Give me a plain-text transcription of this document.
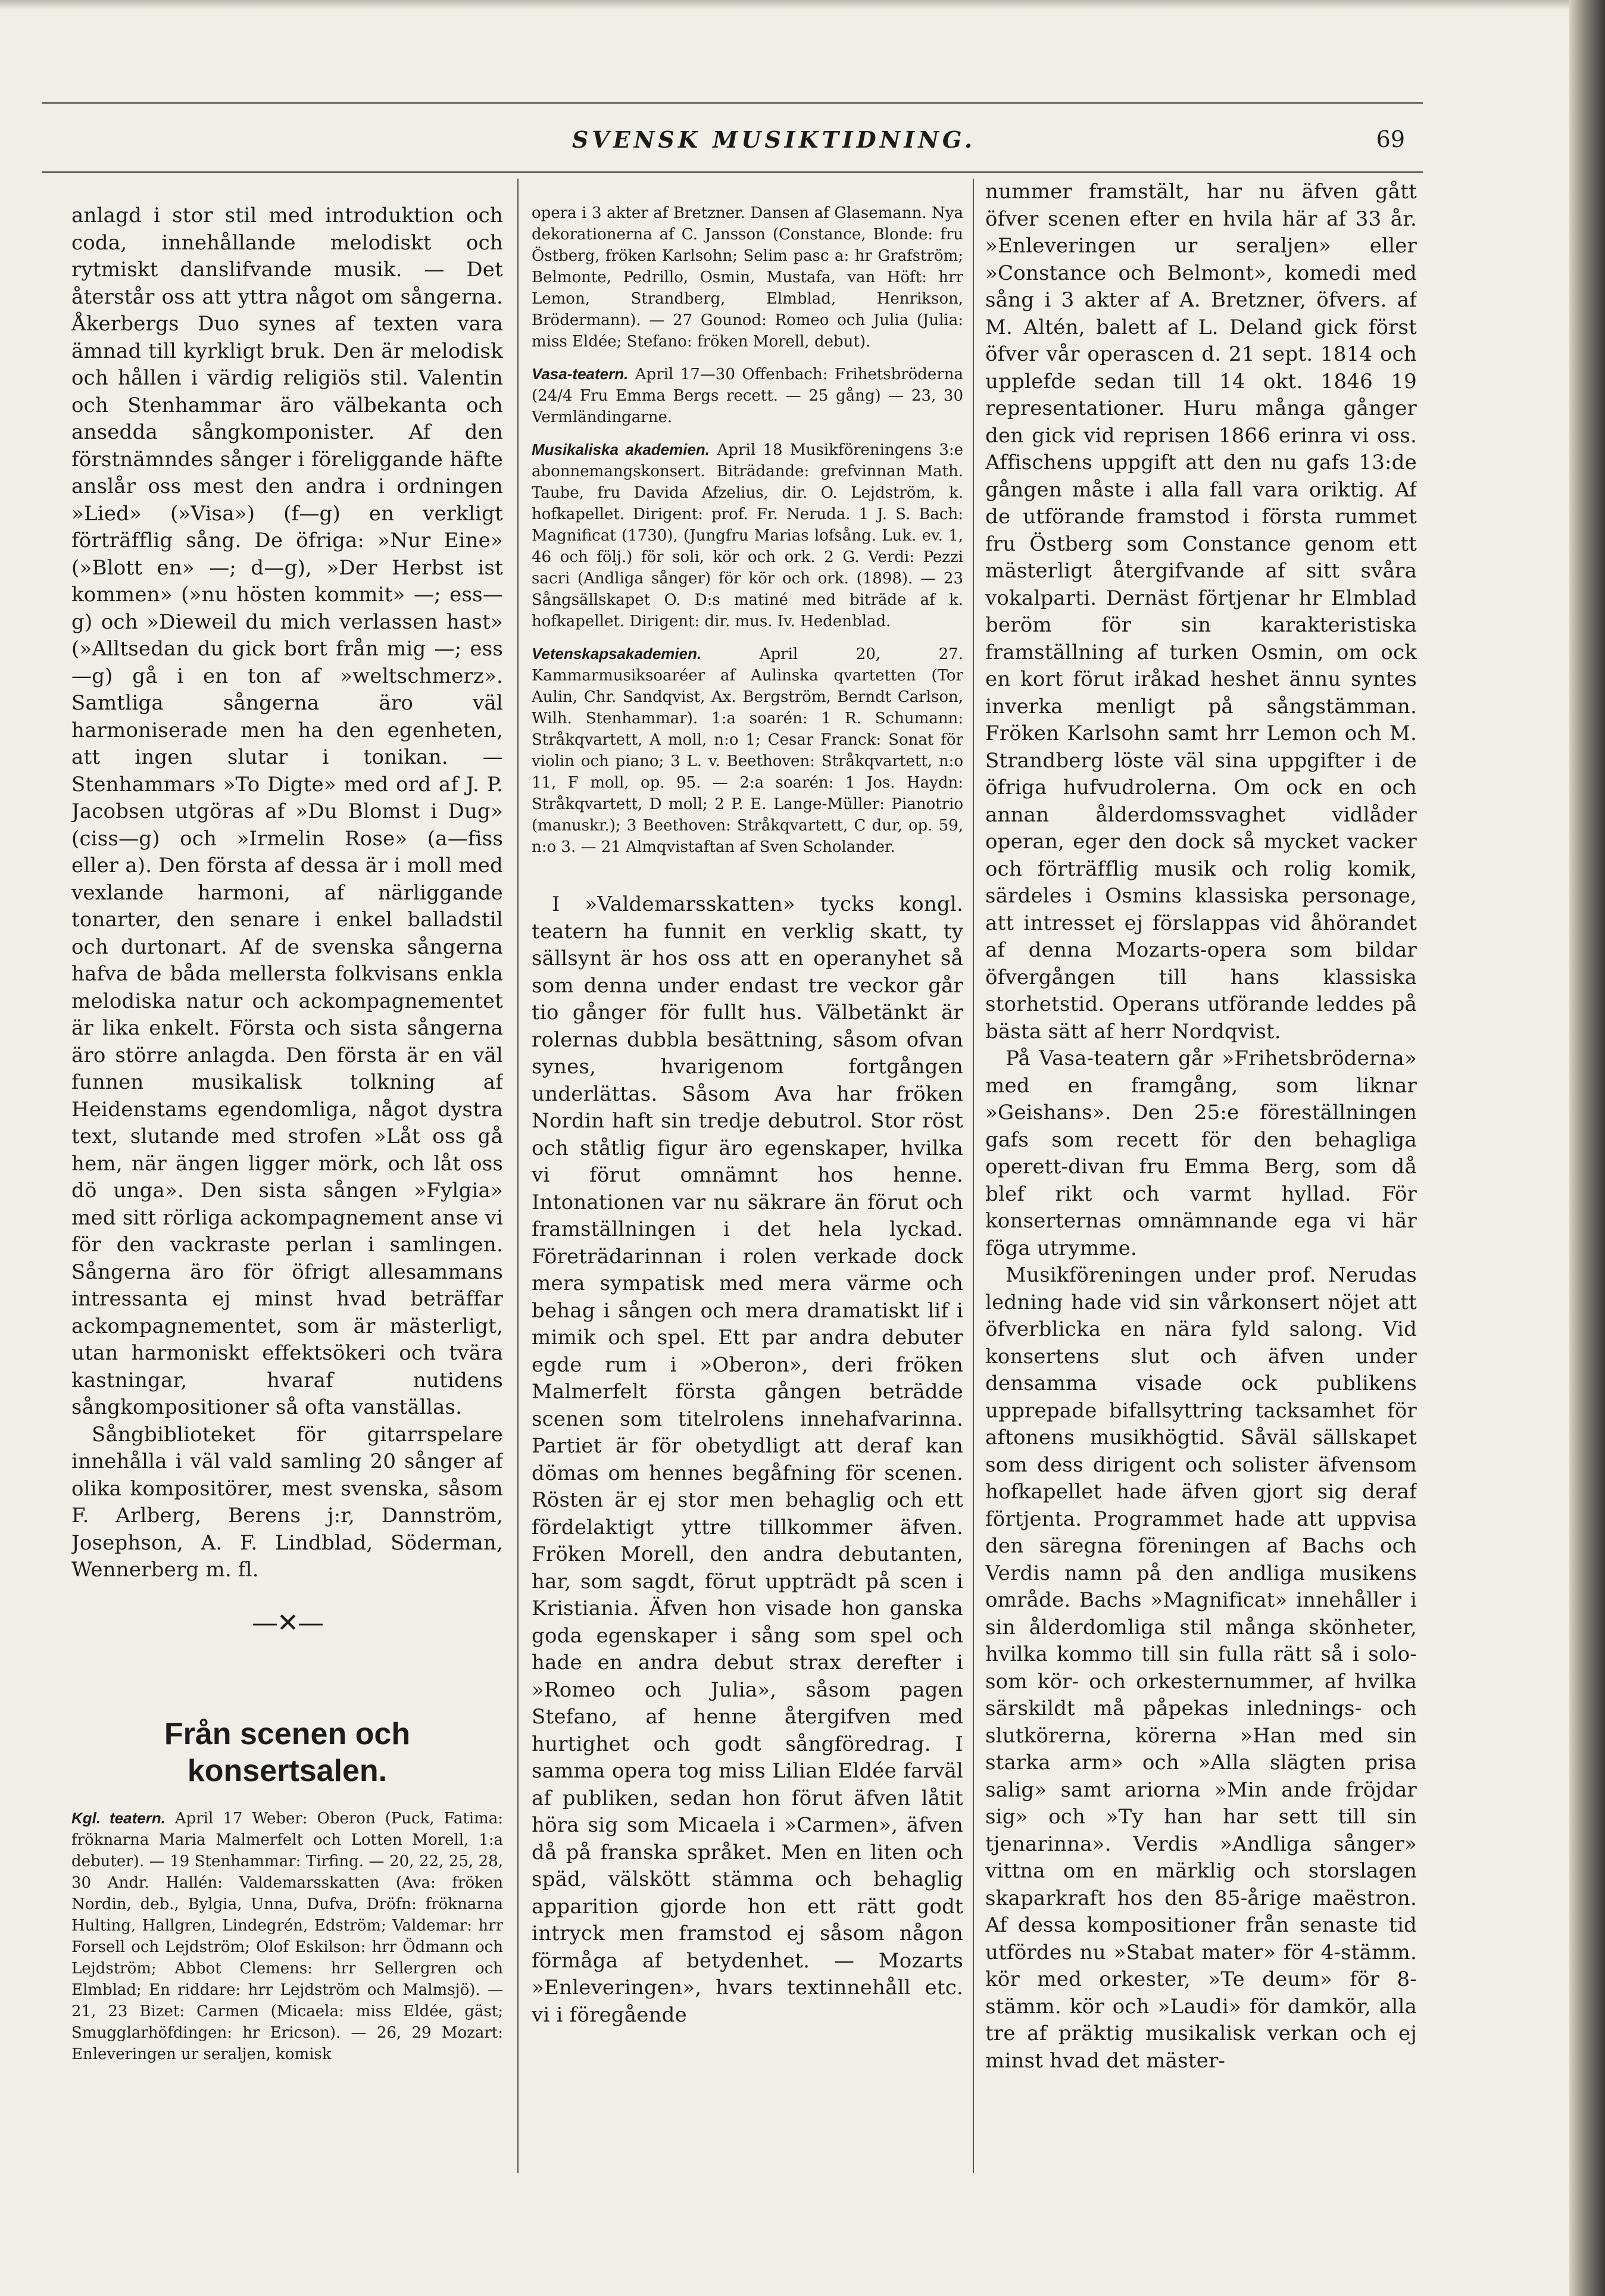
SVENSK MUSIKTIDNING.	69

anlagd i stor stil med introduktion och coda, innehållande melodiskt och rytmiskt danslifvande musik. — Det återstår oss att yttra något om sångerna. Åkerbergs Duo synes af texten vara ämnad till kyrkligt bruk. Den är melodisk och hållen i värdig religiös stil. Valentin och Stenhammar äro välbekanta och ansedda sångkomponister. Af den förstnämndes sånger i föreliggande häfte anslår oss mest den andra i ordningen »Lied» (»Visa») (f—g) en verkligt förträfflig sång. De öfriga: »Nur Eine» (»Blott en» —; d—g), »Der Herbst ist kommen» (»nu hösten kommit» —; ess—g) och »Dieweil du mich verlassen hast» (»Alltsedan du gick bort från mig —; ess—g) gå i en ton af »weltschmerz». Samtliga sångerna äro väl harmoniserade men ha den egenheten, att ingen slutar i tonikan. — Stenhammars »To Digte» med ord af J. P. Jacobsen utgöras af »Du Blomst i Dug» (ciss—g) och »Irmelin Rose» (a—fiss eller a). Den första af dessa är i moll med vexlande harmoni, af närliggande tonarter, den senare i enkel balladstil och durtonart. Af de svenska sångerna hafva de båda mellersta folkvisans enkla melodiska natur och ackompagnementet är lika enkelt. Första och sista sångerna äro större anlagda. Den första är en väl funnen musikalisk tolkning af Heidenstams egendomliga, något dystra text, slutande med strofen »Låt oss gå hem, när ängen ligger mörk, och låt oss dö unga». Den sista sången »Fylgia» med sitt rörliga ackompagnement anse vi för den vackraste perlan i samlingen. Sångerna äro för öfrigt allesammans intressanta ej minst hvad beträffar ackompagnementet, som är mästerligt, utan harmoniskt effektsökeri och tvära kastningar, hvaraf nutidens sångkompositioner så ofta vanställas.

Sångbiblioteket för gitarrspelare innehålla i väl vald samling 20 sånger af olika kompositörer, mest svenska, såsom F. Arlberg, Berens j:r, Dannström, Josephson, A. F. Lindblad, Söderman, Wennerberg m. fl.

—✕—
Från scenen och konsertsalen.

Kgl. teatern. April 17 Weber: Oberon (Puck, Fatima: fröknarna Maria Malmerfelt och Lotten Morell, 1:a debuter). — 19 Stenhammar: Tirfing. — 20, 22, 25, 28, 30 Andr. Hallén: Valdemarsskatten (Ava: fröken Nordin, deb., Bylgia, Unna, Dufva, Dröfn: fröknarna Hulting, Hallgren, Lindegrén, Edström; Valdemar: hrr Forsell och Lejdström; Olof Eskilson: hrr Ödmann och Lejdström; Abbot Clemens: hrr Sellergren och Elmblad; En riddare: hrr Lejdström och Malmsjö). — 21, 23 Bizet: Carmen (Micaela: miss Eldée, gäst; Smugglarhöfdingen: hr Ericson). — 26, 29 Mozart: Enleveringen ur seraljen, komisk

opera i 3 akter af Bretzner. Dansen af Glasemann. Nya dekorationerna af C. Jansson (Constance, Blonde: fru Östberg, fröken Karlsohn; Selim pasc a: hr Grafström; Belmonte, Pedrillo, Osmin, Mustafa, van Höft: hrr Lemon, Strandberg, Elmblad, Henrikson, Brödermann). — 27 Gounod: Romeo och Julia (Julia: miss Eldée; Stefano: fröken Morell, debut).

Vasa-teatern. April 17—30 Offenbach: Frihetsbröderna (24/4 Fru Emma Bergs recett. — 25 gång) — 23, 30 Vermländingarne.

Musikaliska akademien. April 18 Musikföreningens 3:e abonnemangskonsert. Biträdande: grefvinnan Math. Taube, fru Davida Afzelius, dir. O. Lejdström, k. hofkapellet. Dirigent: prof. Fr. Neruda. 1 J. S. Bach: Magnificat (1730), (Jungfru Marias lofsång. Luk. ev. 1, 46 och följ.) för soli, kör och ork. 2 G. Verdi: Pezzi sacri (Andliga sånger) för kör och ork. (1898). — 23 Sångsällskapet O. D:s matiné med biträde af k. hofkapellet. Dirigent: dir. mus. Iv. Hedenblad.

Vetenskapsakademien.	April 20, 27. Kammarmusiksoaréer af Aulinska qvartetten (Tor Aulin, Chr. Sandqvist, Ax. Bergström, Berndt Carlson, Wilh. Stenhammar). 1:a soarén: 1 R. Schumann: Stråkqvartett, A moll, n:o 1; Cesar Franck: Sonat för violin och piano; 3 L. v. Beethoven: Stråkqvartett, n:o 11, F moll, op. 95. — 2:a soarén: 1 Jos. Haydn: Stråkqvartett, D moll; 2 P. E. Lange-Müller: Pianotrio (manuskr.); 3 Beethoven: Stråkqvartett, C dur, op. 59, n:o 3. — 21 Almqvistaftan af Sven Scholander.

I »Valdemarsskatten» tycks kongl. teatern ha funnit en verklig skatt, ty sällsynt är hos oss att en operanyhet så som denna under endast tre veckor går tio gånger för fullt hus. Välbetänkt är rolernas dubbla besättning, såsom ofvan synes, hvarigenom fortgången underlättas. Såsom Ava har fröken Nordin haft sin tredje debutrol. Stor röst och ståtlig figur äro egenskaper, hvilka vi förut omnämnt hos henne. Intonationen var nu säkrare än förut och framställningen i det hela lyckad. Företrädarinnan i rolen verkade dock mera sympatisk med mera värme och behag i sången och mera dramatiskt lif i mimik och spel. Ett par andra debuter egde rum i »Oberon», deri fröken Malmerfelt första gången beträdde scenen som titelrolens innehafvarinna. Partiet är för obetydligt att deraf kan dömas om hennes begåfning för scenen. Rösten är ej stor men behaglig och ett fördelaktigt yttre tillkommer äfven. Fröken Morell, den andra debutanten, har, som sagdt, förut uppträdt på scen i Kristiania. Äfven hon visade hon ganska goda egenskaper i sång som spel och hade en andra debut strax derefter i »Romeo och Julia», såsom pagen Stefano, af henne återgifven med hurtighet och godt sångföredrag. I samma opera tog miss Lilian Eldée farväl af publiken, sedan hon förut äfven låtit höra sig som Micaela i »Carmen», äfven då på franska språket. Men en liten och späd, välskött stämma och behaglig apparition gjorde hon ett rätt godt intryck men framstod ej såsom någon förmåga af betydenhet. — Mozarts »Enleveringen», hvars textinnehåll etc. vi i föregående

nummer framstält, har nu äfven gått öfver scenen efter en hvila här af 33 år. »Enleveringen ur seraljen» eller »Constance och Belmont», komedi med sång i 3 akter af A. Bretzner, öfvers. af M. Altén, balett af L. Deland gick först öfver vår operascen d. 21 sept. 1814 och upplefde sedan till 14 okt. 1846 19 representationer. Huru många gånger den gick vid reprisen 1866 erinra vi oss. Affischens uppgift att den nu gafs 13:de gången måste i alla fall vara oriktig. Af de utförande framstod i första rummet fru Östberg som Constance genom ett mästerligt återgifvande af sitt svåra vokalparti. Dernäst förtjenar hr Elmblad beröm för sin karakteristiska framställning af turken Osmin, om ock en kort förut iråkad heshet ännu syntes inverka menligt på sångstämman. Fröken Karlsohn samt hrr Lemon och M. Strandberg löste väl sina uppgifter i de öfriga hufvudrolerna. Om ock en och annan ålderdomssvaghet vidlåder operan, eger den dock så mycket vacker och förträfflig musik och rolig komik, särdeles i Osmins klassiska personage, att intresset ej förslappas vid åhörandet af denna Mozarts-opera som bildar öfvergången till hans klassiska storhetstid. Operans utförande leddes på bästa sätt af herr Nordqvist.

På Vasa-teatern går »Frihetsbröderna» med en framgång, som liknar »Geishans». Den 25:e föreställningen gafs som recett för den behagliga operett-divan fru Emma Berg, som då blef rikt och varmt hyllad. För konserternas omnämnande ega vi här föga utrymme.

Musikföreningen under prof. Nerudas ledning hade vid sin vårkonsert nöjet att öfverblicka en nära fyld salong. Vid konsertens slut och äfven under densamma visade ock publikens upprepade bifallsyttring tacksamhet för aftonens musikhögtid. Såväl sällskapet som dess dirigent och solister äfvensom hofkapellet hade äfven gjort sig deraf förtjenta. Programmet hade att uppvisa den säregna föreningen af Bachs och Verdis namn på den andliga musikens område. Bachs »Magnificat» innehåller i sin ålderdomliga stil många skönheter, hvilka kommo till sin fulla rätt så i solo- som kör- och orkesternummer, af hvilka särskildt må påpekas inlednings- och slutkörerna, körerna »Han med sin starka arm» och »Alla slägten prisa salig» samt ariorna »Min ande fröjdar sig» och »Ty han har sett till sin tjenarinna». Verdis »Andliga sånger» vittna om en märklig och storslagen skaparkraft hos den 85-årige maëstron. Af dessa kompositioner från senaste tid utfördes nu »Stabat mater» för 4-stämm. kör med orkester, »Te deum» för 8-stämm. kör och »Laudi» för damkör, alla tre af präktig musikalisk verkan och ej minst hvad det mäster-
